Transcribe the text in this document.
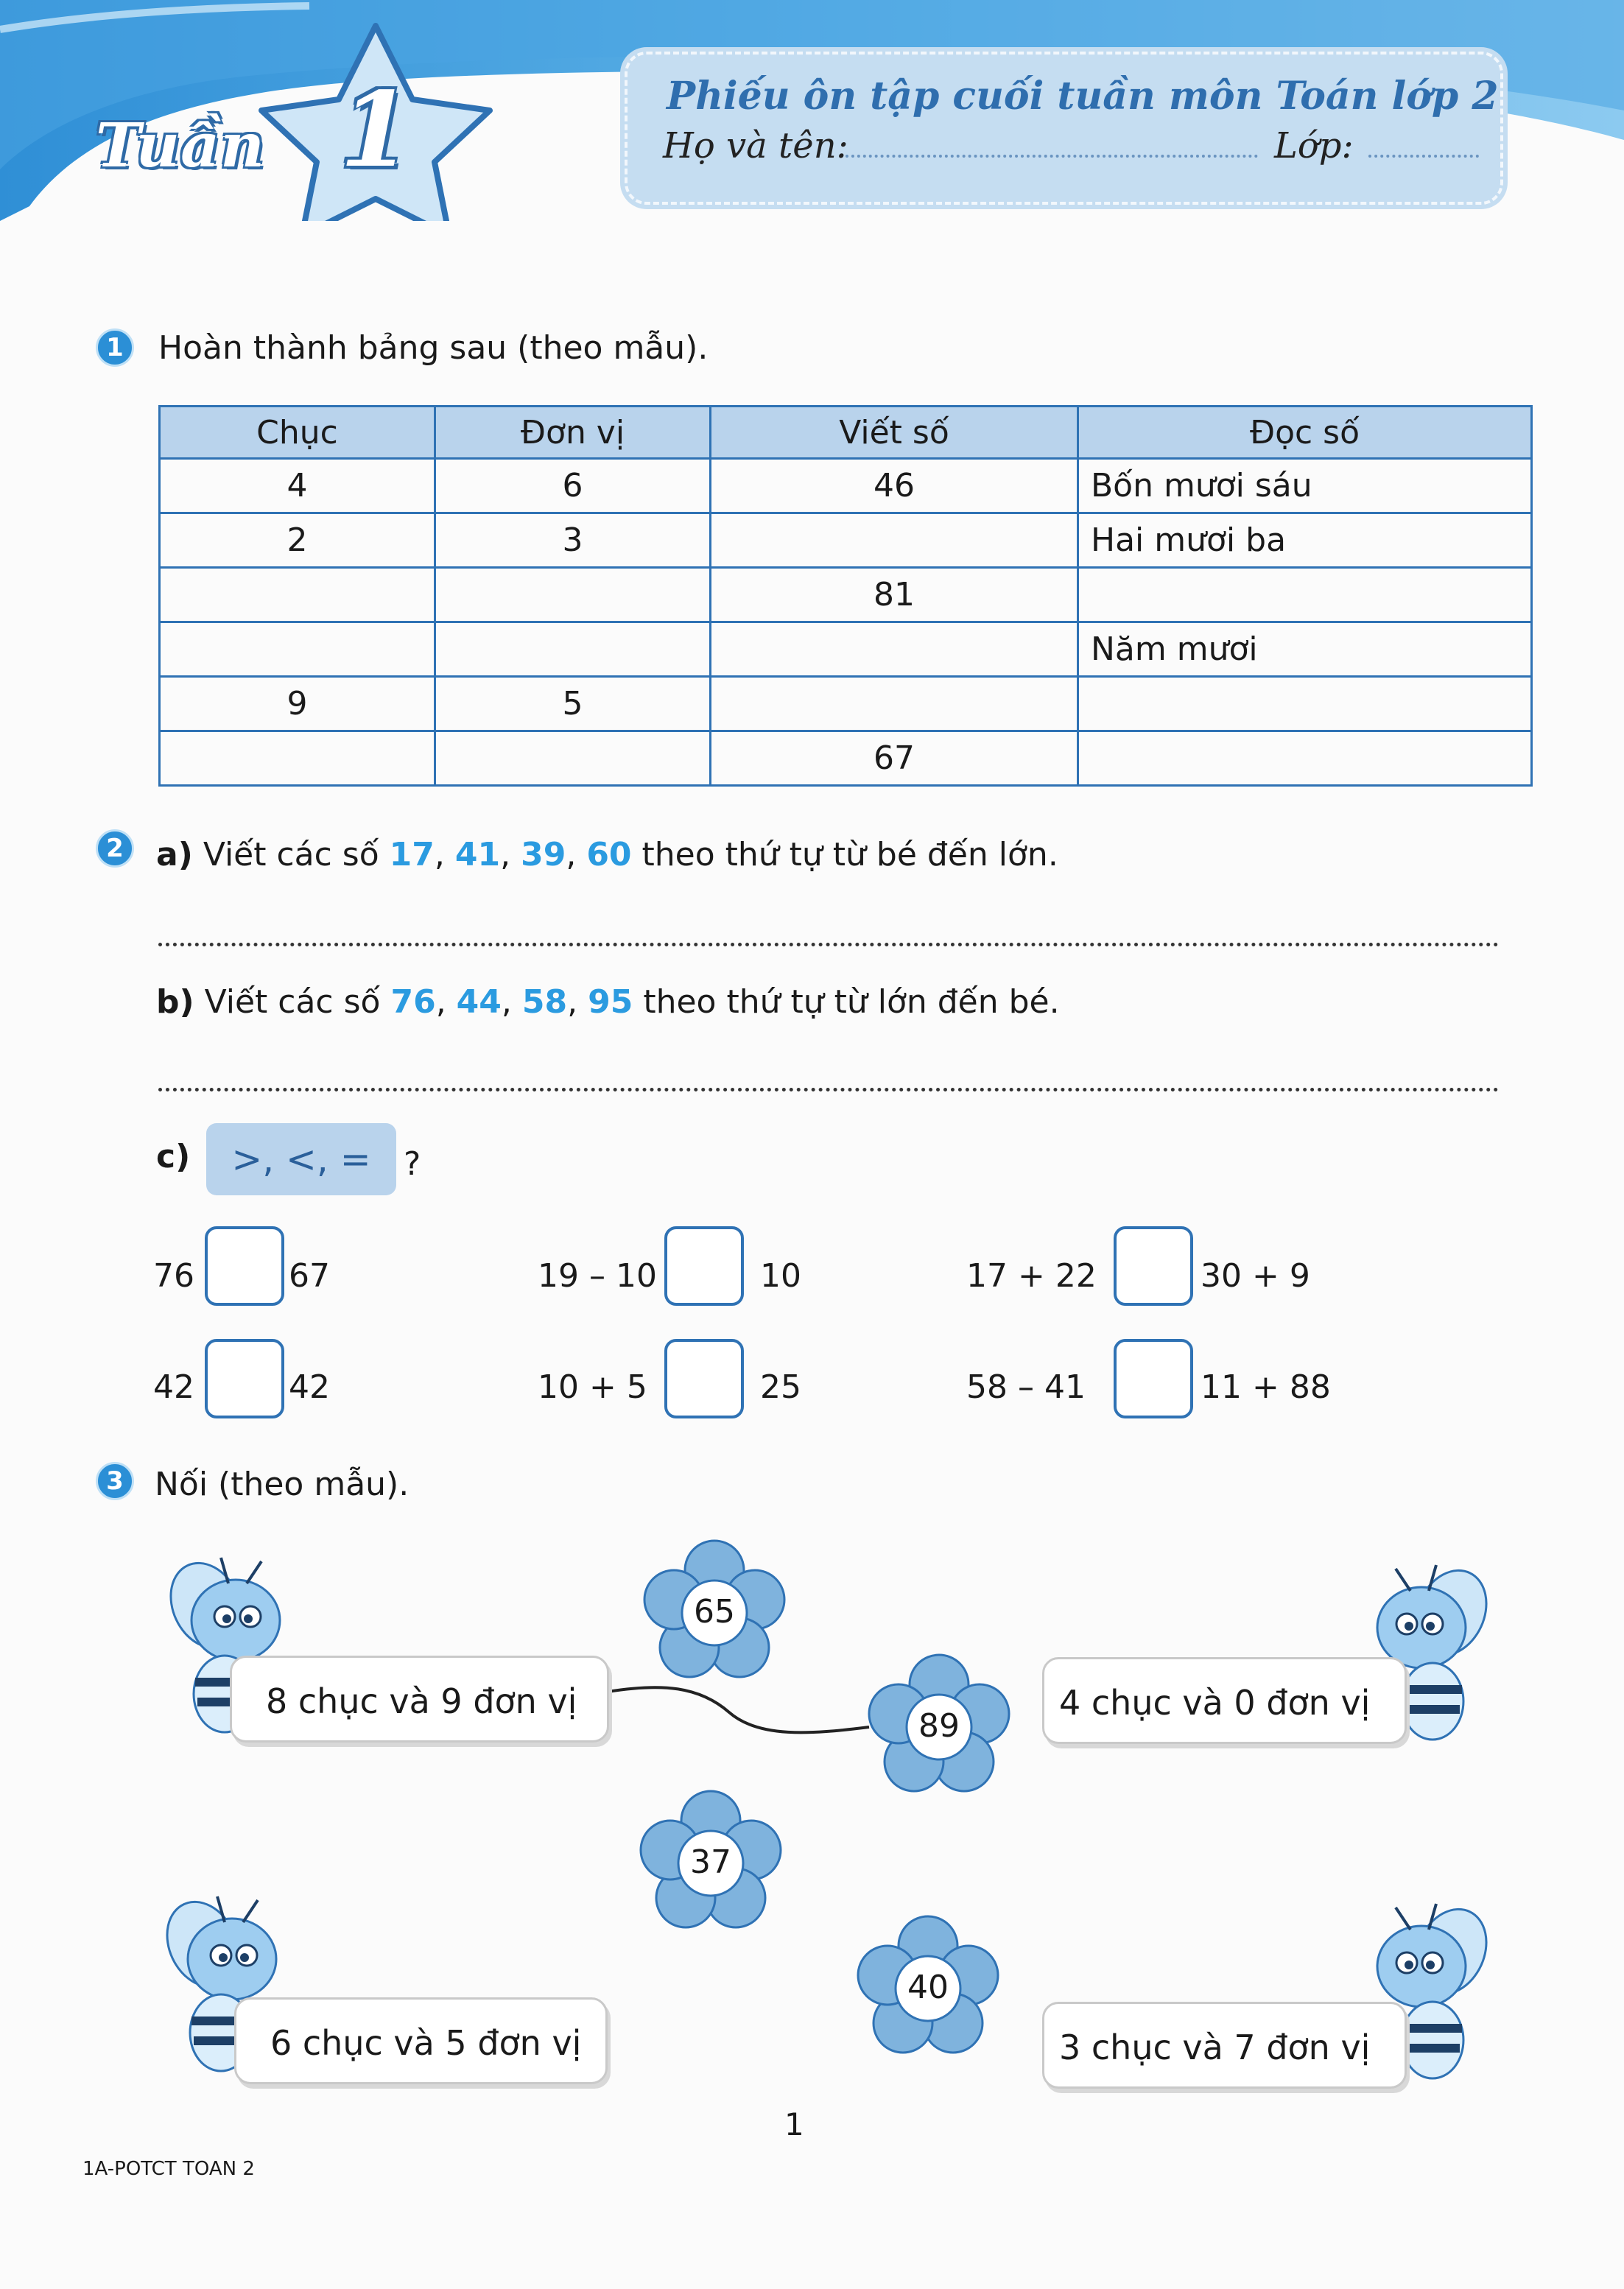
Tuần 1	Phiếu ôn tập cuối tuần môn Toán lớp 2
Họ và tên:	Lớp:
1	Hoàn thành bảng sau (theo mẫu).
Chục	Đơn vị	Viết số	Đọc số
4	6	46	Bốn mươi sáu
2	3		Hai mươi ba
		81	
			Năm mươi
9	5		
		67	
2	a) Viết các số 17, 41, 39, 60 theo thứ tự từ bé đến lớn.
b) Viết các số 76, 44, 58, 95 theo thứ tự từ lớn đến bé.
c)	>, <, =	?
76	67	19 – 10	10	17 + 22	30 + 9
42	42	10 + 5	25	58 – 41	11 + 88
3 Nối (theo mẫu).
65
89
37
40
8 chục và 9 đơn vị	4 chục và 0 đơn vị
6 chục và 5 đơn vị	3 chục và 7 đơn vị
1A-POTCT TOAN 2
1
